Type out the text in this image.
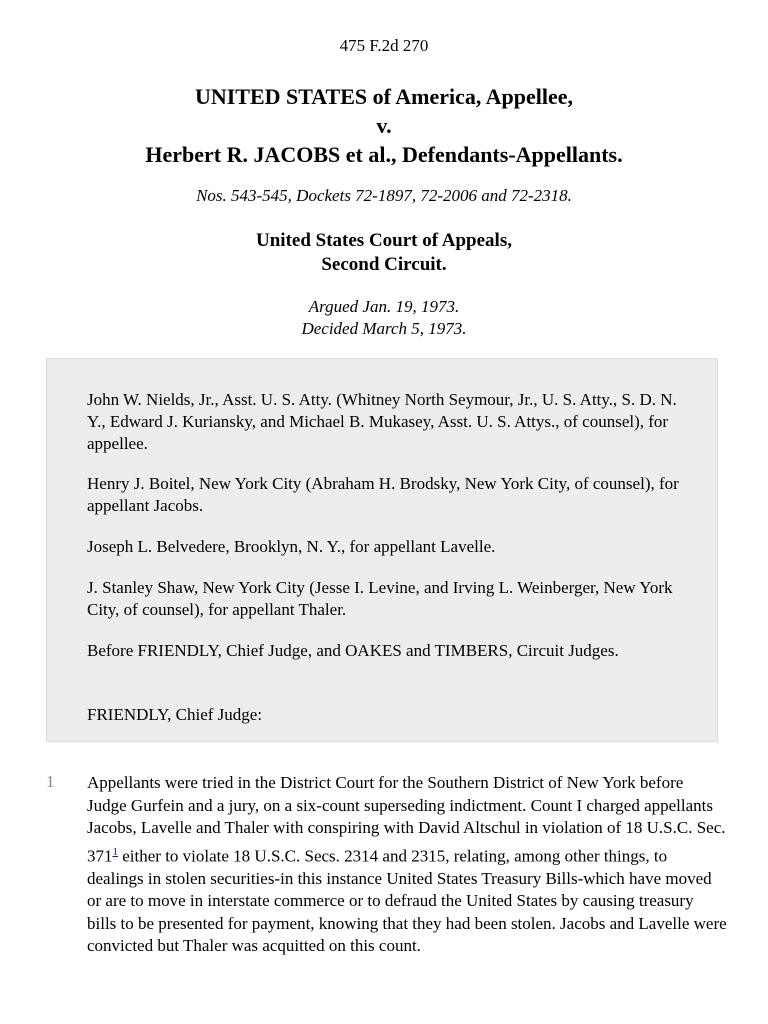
475 F.2d 270
UNITED STATES of America, Appellee,
v.
Herbert R. JACOBS et al., Defendants-Appellants.
Nos. 543-545, Dockets 72-1897, 72-2006 and 72-2318.
United States Court of Appeals,
Second Circuit.
Argued Jan. 19, 1973.
Decided March 5, 1973.

John W. Nields, Jr., Asst. U. S. Atty. (Whitney North Seymour, Jr., U. S. Atty., S. D. N. Y., Edward J. Kuriansky, and Michael B. Mukasey, Asst. U. S. Attys., of counsel), for appellee.

Henry J. Boitel, New York City (Abraham H. Brodsky, New York City, of counsel), for appellant Jacobs.

Joseph L. Belvedere, Brooklyn, N. Y., for appellant Lavelle.

J. Stanley Shaw, New York City (Jesse I. Levine, and Irving L. Weinberger, New York City, of counsel), for appellant Thaler.

Before FRIENDLY, Chief Judge, and OAKES and TIMBERS, Circuit Judges.

FRIENDLY, Chief Judge:

1 Appellants were tried in the District Court for the Southern District of New York before Judge Gurfein and a jury, on a six-count superseding indictment. Count I charged appellants Jacobs, Lavelle and Thaler with conspiring with David Altschul in violation of 18 U.S.C. Sec. 371$^1$ either to violate 18 U.S.C. Secs. 2314 and 2315, relating, among other things, to dealings in stolen securities-in this instance United States Treasury Bills-which have moved or are to move in interstate commerce or to defraud the United States by causing treasury bills to be presented for payment, knowing that they had been stolen. Jacobs and Lavelle were convicted but Thaler was acquitted on this count.
